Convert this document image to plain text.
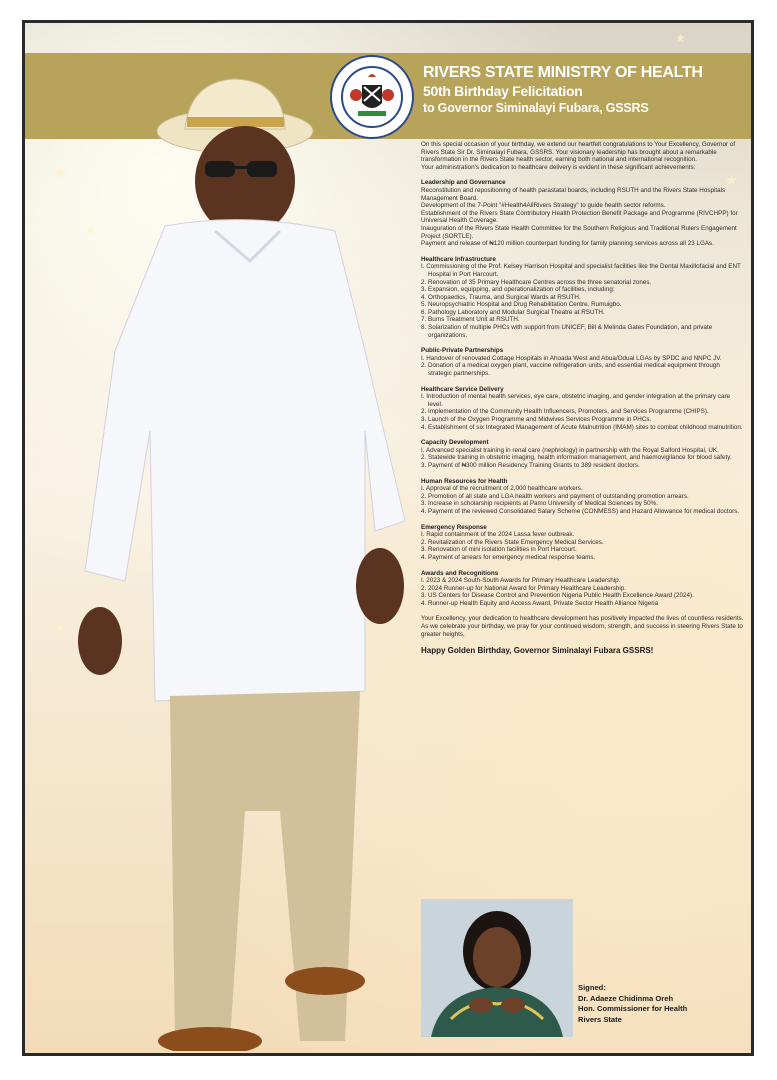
★
★
★
★
★
RIVERS STATE MINISTRY OF HEALTH
50th Birthday Felicitation
to Governor Siminalayi Fubara, GSSRS

On this special occasion of your birthday, we extend our heartfelt congratulations to Your Excellency, Governor of Rivers State Sir Dr. Siminalayi Fubara, GSSRS. Your visionary leadership has brought about a remarkable transformation in the Rivers State health sector, earning both national and international recognition.

Your administration's dedication to healthcare delivery is evident in these significant achievements:

Leadership and Governance

Reconstitution and repositioning of health parastatal boards, including RSUTH and the Rivers State Hospitals Management Board.

Development of the 7-Point "#Health4AllRivers Strategy" to guide health sector reforms.

Establishment of the Rivers State Contributory Health Protection Benefit Package and Programme (RIVCHPP) for Universal Health Coverage.

Inauguration of the Rivers State Health Committee for the Southern Religious and Traditional Rulers Engagement Project (SORTLE).

Payment and release of ₦120 million counterpart funding for family planning services across all 23 LGAs.

Healthcare Infrastructure

I. Commissioning of the Prof. Kelsey Harrison Hospital and specialist facilities like the Dental Maxillofacial and ENT Hospital in Port Harcourt.

2. Renovation of 35 Primary Healthcare Centres across the three senatorial zones.

3. Expansion, equipping, and operationalization of facilities, including:

4. Orthopaedics, Trauma, and Surgical Wards at RSUTH.

5. Neuropsychiatric Hospital and Drug Rehabilitation Centre, Rumuigbo.

6. Pathology Laboratory and Modular Surgical Theatre at RSUTH.

7. Burns Treatment Unit at RSUTH.

8. Solarization of multiple PHCs with support from UNICEF, Bill & Melinda Gates Foundation, and private organizations.

Public-Private Partnerships

I. Handover of renovated Cottage Hospitals in Ahoada West and Abua/Odual LGAs by SPDC and NNPC JV.

2. Donation of a medical oxygen plant, vaccine refrigeration units, and essential medical equipment through strategic partnerships.

Healthcare Service Delivery

I. Introduction of mental health services, eye care, obstetric imaging, and gender integration at the primary care level.

2. Implementation of the Community Health Influencers, Promoters, and Services Programme (CHIPS).

3. Launch of the Oxygen Programme and Midwives Services Programme in PHCs.

4. Establishment of six Integrated Management of Acute Malnutrition (IMAM) sites to combat childhood malnutrition.

Capacity Development

I. Advanced specialist training in renal care (nephrology) in partnership with the Royal Salford Hospital, UK.

2. Statewide training in obstetric imaging, health information management, and haemovigilance for blood safety.

3. Payment of ₦300 million Residency Training Grants to 389 resident doctors.

Human Resources for Health

I. Approval of the recruitment of 2,000 healthcare workers.

2. Promotion of all state and LGA health workers and payment of outstanding promotion arrears.

3. Increase in scholarship recipients at Pamo University of Medical Sciences by 50%.

4. Payment of the reviewed Consolidated Salary Scheme (CONMESS) and Hazard Allowance for medical doctors.

Emergency Response

I. Rapid containment of the 2024 Lassa fever outbreak.

2. Revitalization of the Rivers State Emergency Medical Services.

3. Renovation of mini isolation facilities in Port Harcourt.

4. Payment of arrears for emergency medical response teams.

Awards and Recognitions

I. 2023 & 2024 South-South Awards for Primary Healthcare Leadership.

2. 2024 Runner-up for National Award for Primary Healthcare Leadership.

3. US Centers for Disease Control and Prevention Nigeria Public Health Excellence Award (2024).

4. Runner-up Health Equity and Access Award, Private Sector Health Alliance Nigeria

Your Excellency, your dedication to healthcare development has positively impacted the lives of countless residents. As we celebrate your birthday, we pray for your continued wisdom, strength, and success in steering Rivers State to greater heights.

Happy Golden Birthday, Governor Siminalayi Fubara GSSRS!

Signed:
Dr. Adaeze Chidinma Oreh
Hon. Commissioner for Health
Rivers State
